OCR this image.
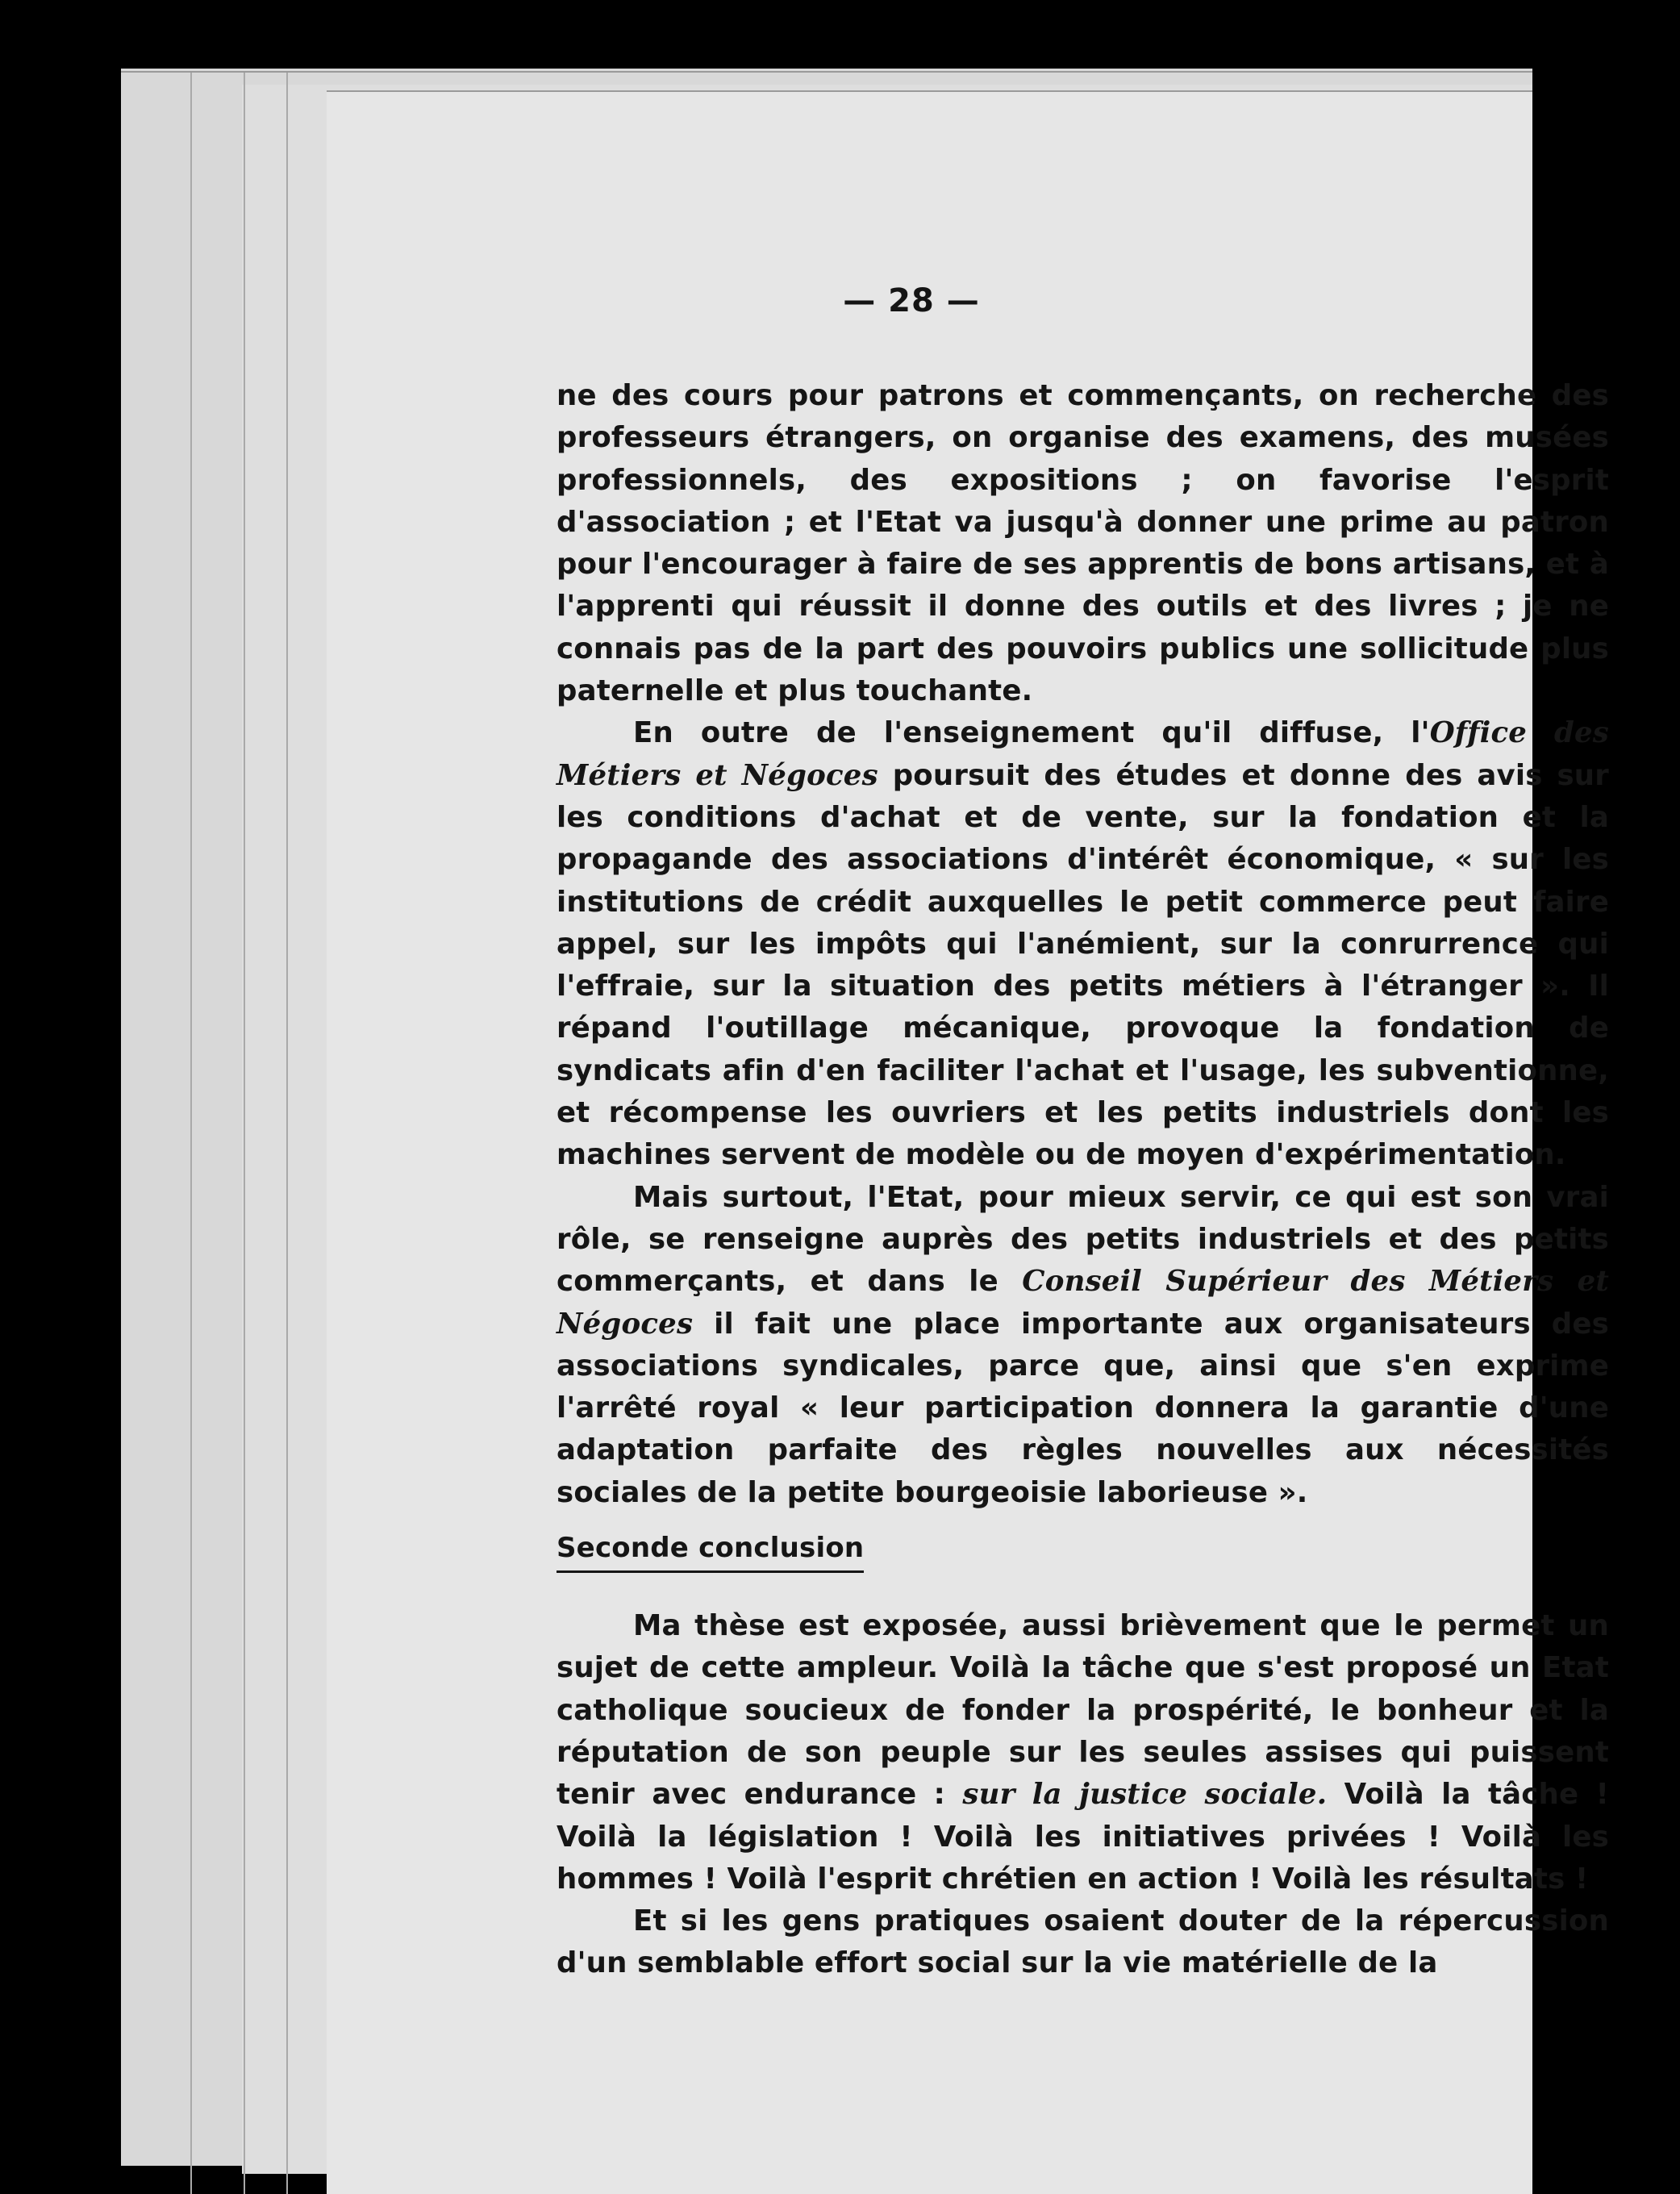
— 28 —

ne des cours pour patrons et commençants, on recherche des professeurs étrangers, on organise des examens, des musées professionnels, des expositions ; on favorise l'esprit d'association ; et l'Etat va jusqu'à donner une prime au patron pour l'encourager à faire de ses apprentis de bons artisans, et à l'apprenti qui réussit il donne des outils et des livres ; je ne connais pas de la part des pouvoirs publics une sollicitude plus paternelle et plus touchante.

En outre de l'enseignement qu'il diffuse, l'Office des Métiers et Négoces poursuit des études et donne des avis sur les conditions d'achat et de vente, sur la fondation et la propagande des associations d'intérêt économique, « sur les institutions de crédit auxquelles le petit commerce peut faire appel, sur les impôts qui l'anémient, sur la conrurrence qui l'effraie, sur la situation des petits métiers à l'étranger ». Il répand l'outillage mécanique, provoque la fondation de syndicats afin d'en faciliter l'achat et l'usage, les subventionne, et récompense les ouvriers et les petits industriels dont les machines servent de modèle ou de moyen d'expérimentation.

Mais surtout, l'Etat, pour mieux servir, ce qui est son vrai rôle, se renseigne auprès des petits industriels et des petits commerçants, et dans le Conseil Supérieur des Métiers et Négoces il fait une place importante aux organisateurs des associations syndicales, parce que, ainsi que s'en exprime l'arrêté royal « leur participation donnera la garantie d'une adaptation parfaite des règles nouvelles aux nécessités sociales de la petite bourgeoisie laborieuse ».

Seconde conclusion

Ma thèse est exposée, aussi brièvement que le permet un sujet de cette ampleur. Voilà la tâche que s'est proposé un Etat catholique soucieux de fonder la prospérité, le bonheur et la réputation de son peuple sur les seules assises qui puissent tenir avec endurance : sur la justice sociale. Voilà la tâche ! Voilà la législation ! Voilà les initiatives privées ! Voilà les hommes ! Voilà l'esprit chrétien en action ! Voilà les résultats !

Et si les gens pratiques osaient douter de la répercussion d'un semblable effort social sur la vie matérielle de la
